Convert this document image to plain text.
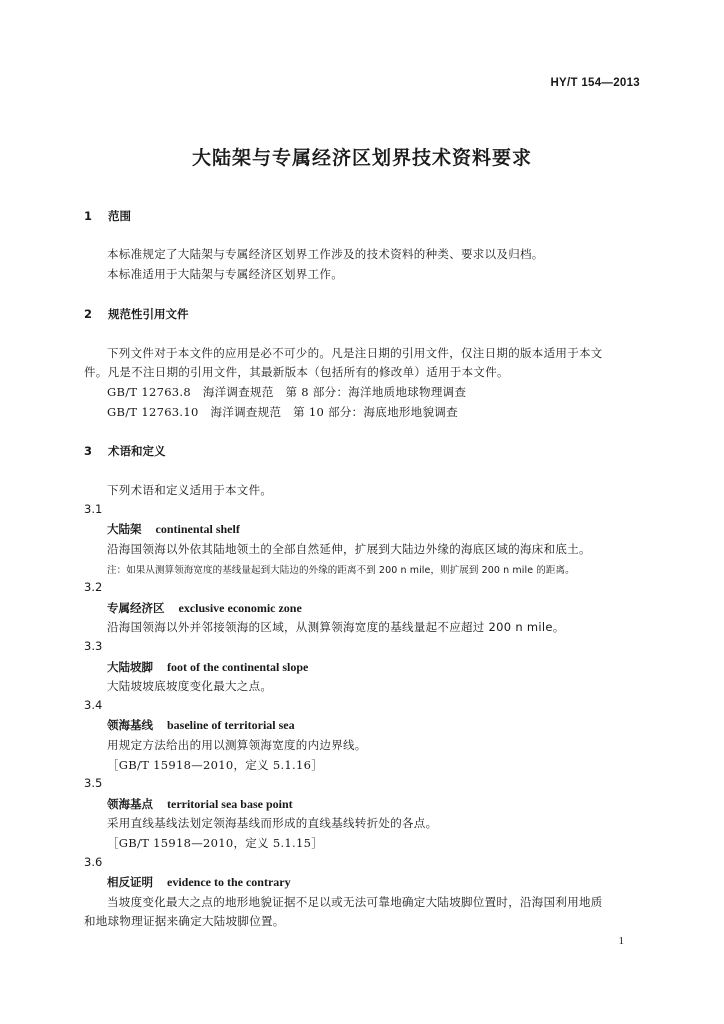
HY/T 154—2013
大陆架与专属经济区划界技术资料要求
1 范围
本标准规定了大陆架与专属经济区划界工作涉及的技术资料的种类、要求以及归档。
本标准适用于大陆架与专属经济区划界工作。
2 规范性引用文件
下列文件对于本文件的应用是必不可少的。凡是注日期的引用文件，仅注日期的版本适用于本文
件。凡是不注日期的引用文件，其最新版本（包括所有的修改单）适用于本文件。
GB/T 12763.8   海洋调查规范   第 8 部分：海洋地质地球物理调查
GB/T 12763.10   海洋调查规范   第 10 部分：海底地形地貌调查
3 术语和定义
下列术语和定义适用于本文件。
3.1
大陆架 continental shelf
沿海国领海以外依其陆地领土的全部自然延伸，扩展到大陆边外缘的海底区域的海床和底土。
注：如果从测算领海宽度的基线量起到大陆边的外缘的距离不到 200 n mile，则扩展到 200 n mile 的距离。
3.2
专属经济区 exclusive economic zone
沿海国领海以外并邻接领海的区域，从测算领海宽度的基线量起不应超过 200 n mile。
3.3
大陆坡脚 foot of the continental slope
大陆坡坡底坡度变化最大之点。
3.4
领海基线 baseline of territorial sea
用规定方法给出的用以测算领海宽度的内边界线。
［GB/T 15918—2010，定义 5.1.16］
3.5
领海基点 territorial sea base point
采用直线基线法划定领海基线而形成的直线基线转折处的各点。
［GB/T 15918—2010，定义 5.1.15］
3.6
相反证明 evidence to the contrary
当坡度变化最大之点的地形地貌证据不足以或无法可靠地确定大陆坡脚位置时，沿海国利用地质
和地球物理证据来确定大陆坡脚位置。
1
